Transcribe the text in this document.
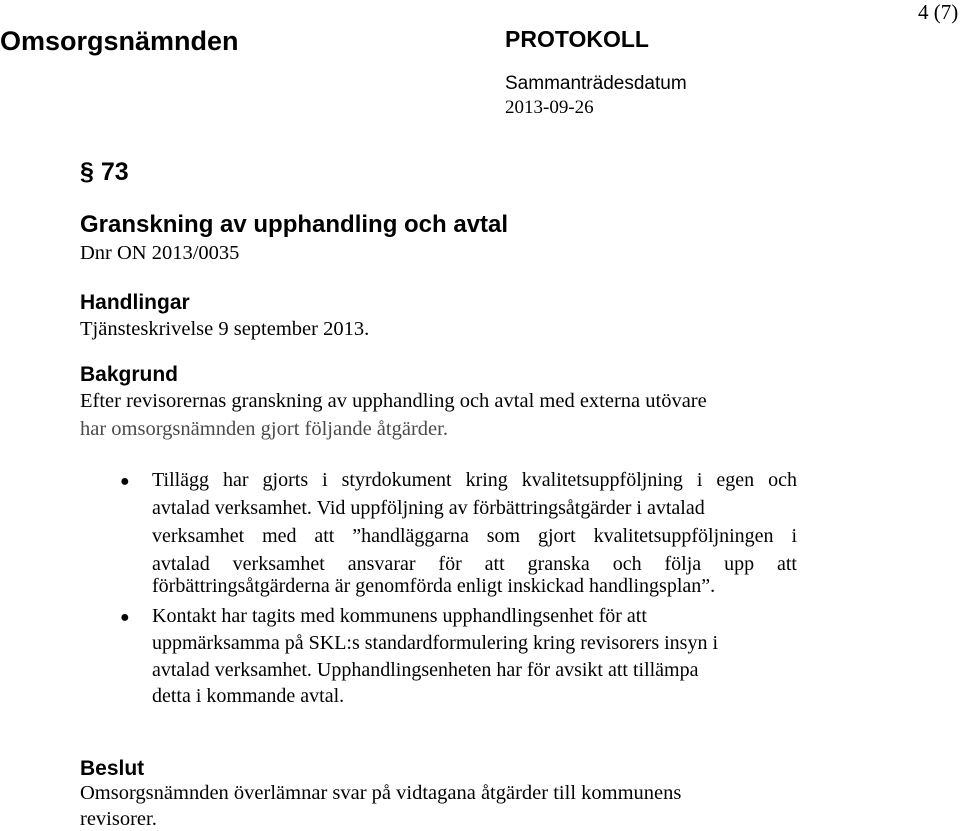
Omsorgsnämnden	PROTOKOLL
4 (7)
Sammanträdesdatum
2013-09-26
§ 73
Granskning av upphandling och avtal
Dnr ON 2013/0035
Handlingar
Tjänsteskrivelse 9 september 2013.
Bakgrund
Efter revisorernas granskning av upphandling och avtal med externa utövare
har omsorgsnämnden gjort följande åtgärder.
● Tillägg har gjorts i styrdokument kring kvalitetsuppföljning i egen och
avtalad verksamhet. Vid uppföljning av förbättringsåtgärder i avtalad
verksamhet med att ”handläggarna som gjort kvalitetsuppföljningen i
avtalad verksamhet ansvarar för att granska och följa upp att
förbättringsåtgärderna är genomförda enligt inskickad handlingsplan”.
● Kontakt har tagits med kommunens upphandlingsenhet för att
uppmärksamma på SKL:s standardformulering kring revisorers insyn i
avtalad verksamhet. Upphandlingsenheten har för avsikt att tillämpa
detta i kommande avtal.
Beslut
Omsorgsnämnden överlämnar svar på vidtagana åtgärder till kommunens
revisorer.
